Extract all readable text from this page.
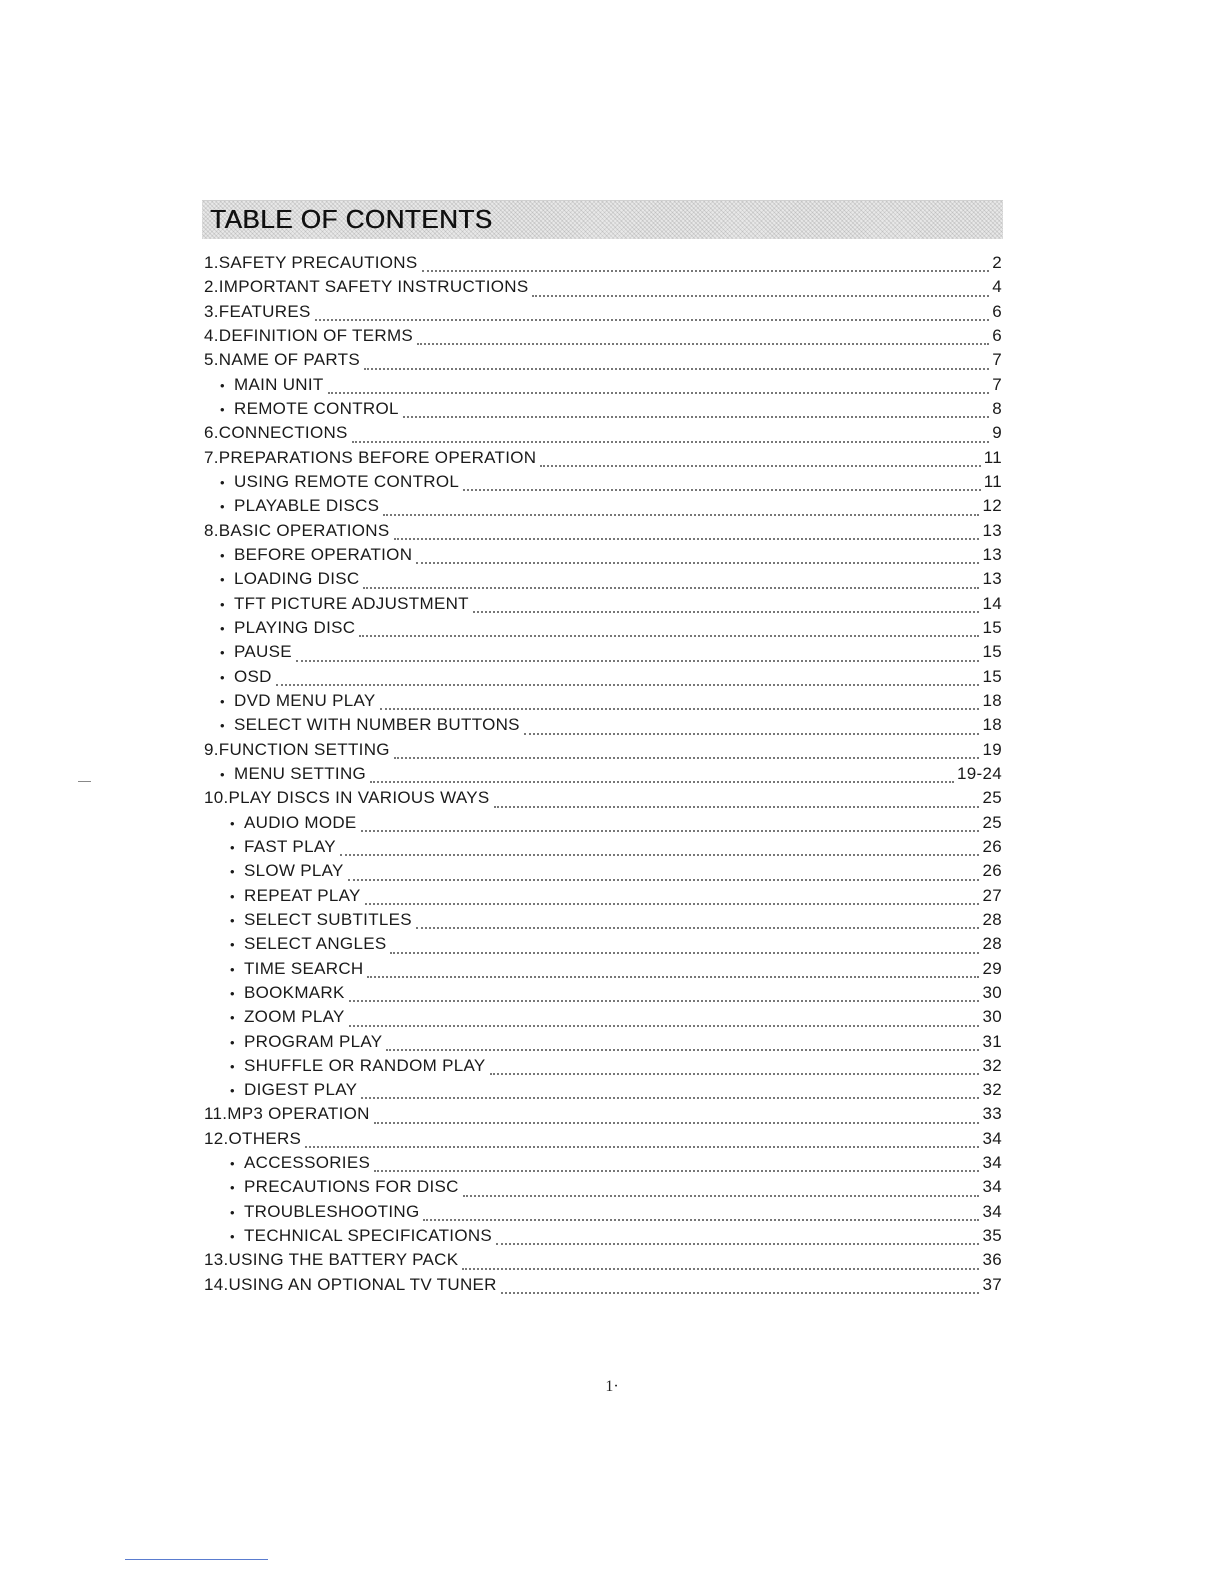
TABLE OF CONTENTS
1.SAFETY PRECAUTIONS	2
2.IMPORTANT SAFETY INSTRUCTIONS	4
3.FEATURES	6
4.DEFINITION OF TERMS	6
5.NAME OF PARTS	7
• MAIN UNIT	7
• REMOTE CONTROL	8
6.CONNECTIONS	9
7.PREPARATIONS BEFORE OPERATION	11
• USING REMOTE CONTROL	11
• PLAYABLE DISCS	12
8.BASIC OPERATIONS	13
• BEFORE OPERATION	13
• LOADING DISC	13
• TFT PICTURE ADJUSTMENT	14
• PLAYING DISC	15
• PAUSE	15
• OSD	15
• DVD MENU PLAY	18
• SELECT WITH NUMBER BUTTONS	18
9.FUNCTION SETTING	19
• MENU SETTING	19-24
10.PLAY DISCS IN VARIOUS WAYS	25
• AUDIO MODE	25
• FAST PLAY	26
• SLOW PLAY	26
• REPEAT PLAY	27
• SELECT SUBTITLES	28
• SELECT ANGLES	28
• TIME SEARCH	29
• BOOKMARK	30
• ZOOM PLAY	30
• PROGRAM PLAY	31
• SHUFFLE OR RANDOM PLAY	32
• DIGEST PLAY	32
11.MP3 OPERATION	33
12.OTHERS	34
• ACCESSORIES	34
• PRECAUTIONS FOR DISC	34
• TROUBLESHOOTING	34
• TECHNICAL SPECIFICATIONS	35
13.USING THE BATTERY PACK	36
14.USING AN OPTIONAL TV TUNER	37
1·
